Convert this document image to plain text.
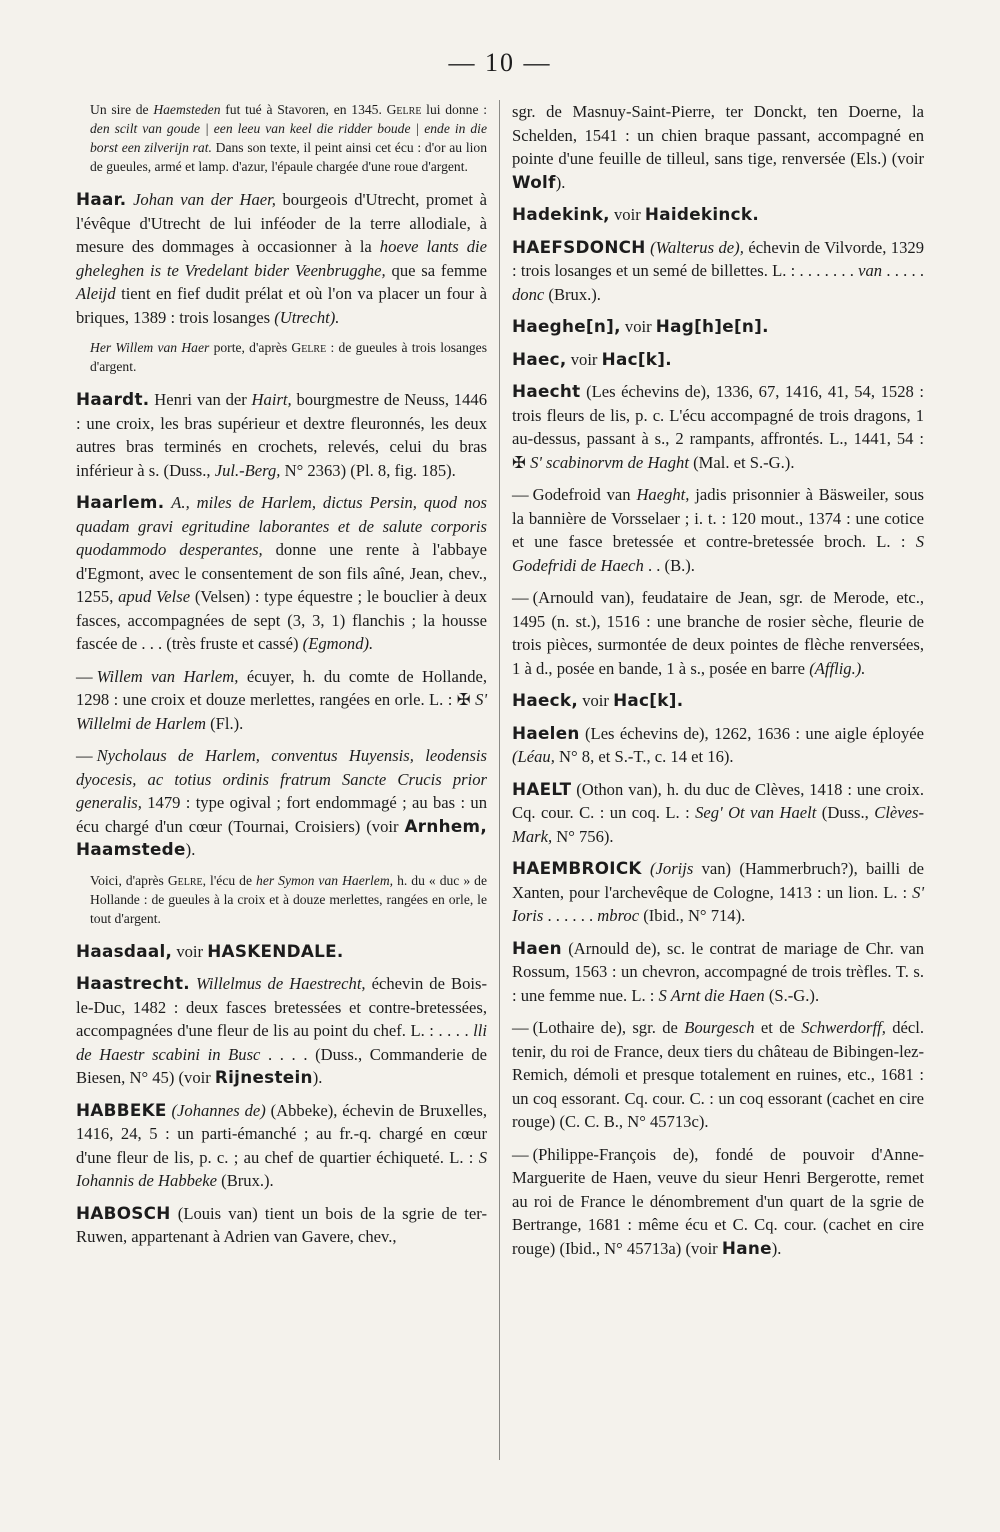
— 10 —

Un sire de Haemsteden fut tué à Stavoren, en 1345. Gelre lui donne : den scilt van goude | een leeu van keel die ridder boude | ende in die borst een zilverijn rat. Dans son texte, il peint ainsi cet écu : d'or au lion de gueules, armé et lamp. d'azur, l'épaule chargée d'une roue d'argent.

Haar. Johan van der Haer, bourgeois d'Utrecht, promet à l'évêque d'Utrecht de lui inféoder de la terre allodiale, à mesure des dommages à occasionner à la hoeve lants die gheleghen is te Vredelant bider Veenbrugghe, que sa femme Aleijd tient en fief dudit prélat et où l'on va placer un four à briques, 1389 : trois losanges (Utrecht).

Her Willem van Haer porte, d'après Gelre : de gueules à trois losanges d'argent.

Haardt. Henri van der Hairt, bourgmestre de Neuss, 1446 : une croix, les bras supérieur et dextre fleuronnés, les deux autres bras terminés en crochets, relevés, celui du bras inférieur à s. (Duss., Jul.-Berg, N° 2363) (Pl. 8, fig. 185).

Haarlem. A., miles de Harlem, dictus Persin, quod nos quadam gravi egritudine laborantes et de salute corporis quodammodo desperantes, donne une rente à l'abbaye d'Egmont, avec le consentement de son fils aîné, Jean, chev., 1255, apud Velse (Velsen) : type équestre ; le bouclier à deux fasces, accompagnées de sept (3, 3, 1) flanchis ; la housse fascée de . . . (très fruste et cassé) (Egmond).

— Willem van Harlem, écuyer, h. du comte de Hollande, 1298 : une croix et douze merlettes, rangées en orle. L. : ✠ S' Willelmi de Harlem (Fl.).

— Nycholaus de Harlem, conventus Huyensis, leodensis dyocesis, ac totius ordinis fratrum Sancte Crucis prior generalis, 1479 : type ogival ; fort endommagé ; au bas : un écu chargé d'un cœur (Tournai, Croisiers) (voir Arnhem, Haamstede).

Voici, d'après Gelre, l'écu de her Symon van Haerlem, h. du « duc » de Hollande : de gueules à la croix et à douze merlettes, rangées en orle, le tout d'argent.

Haasdaal, voir HASKENDALE.

Haastrecht. Willelmus de Haestrecht, échevin de Bois-le-Duc, 1482 : deux fasces bretessées et contre-bretessées, accompagnées d'une fleur de lis au point du chef. L. : . . . . lli de Haestr scabini in Busc . . . . (Duss., Commanderie de Biesen, N° 45) (voir Rijnestein).

HABBEKE (Johannes de) (Abbeke), échevin de Bruxelles, 1416, 24, 5 : un parti-émanché ; au fr.-q. chargé en cœur d'une fleur de lis, p. c. ; au chef de quartier échiqueté. L. : S Iohannis de Habbeke (Brux.).

HABOSCH (Louis van) tient un bois de la sgrie de ter-Ruwen, appartenant à Adrien van Gavere, chev.,

sgr. de Masnuy-Saint-Pierre, ter Donckt, ten Doerne, la Schelden, 1541 : un chien braque passant, accompagné en pointe d'une feuille de tilleul, sans tige, renversée (Els.) (voir Wolf).

Hadekink, voir Haidekinck.

HAEFSDONCH (Walterus de), échevin de Vilvorde, 1329 : trois losanges et un semé de billettes. L. : . . . . . . . van . . . . . donc (Brux.).

Haeghe[n], voir Hag[h]e[n].

Haec, voir Hac[k].

Haecht (Les échevins de), 1336, 67, 1416, 41, 54, 1528 : trois fleurs de lis, p. c. L'écu accompagné de trois dragons, 1 au-dessus, passant à s., 2 rampants, affrontés. L., 1441, 54 : ✠ S' scabinorvm de Haght (Mal. et S.-G.).

— Godefroid van Haeght, jadis prisonnier à Bäsweiler, sous la bannière de Vorsselaer ; i. t. : 120 mout., 1374 : une cotice et une fasce bretessée et contre-bretessée broch. L. : S Godefridi de Haech . . (B.).

— (Arnould van), feudataire de Jean, sgr. de Merode, etc., 1495 (n. st.), 1516 : une branche de rosier sèche, fleurie de trois pièces, surmontée de deux pointes de flèche renversées, 1 à d., posée en bande, 1 à s., posée en barre (Afflig.).

Haeck, voir Hac[k].

Haelen (Les échevins de), 1262, 1636 : une aigle éployée (Léau, N° 8, et S.-T., c. 14 et 16).

HAELT (Othon van), h. du duc de Clèves, 1418 : une croix. Cq. cour. C. : un coq. L. : Seg' Ot van Haelt (Duss., Clèves-Mark, N° 756).

HAEMBROICK (Jorijs van) (Hammerbruch?), bailli de Xanten, pour l'archevêque de Cologne, 1413 : un lion. L. : S' Ioris . . . . . . mbroc (Ibid., N° 714).

Haen (Arnould de), sc. le contrat de mariage de Chr. van Rossum, 1563 : un chevron, accompagné de trois trèfles. T. s. : une femme nue. L. : S Arnt die Haen (S.-G.).

— (Lothaire de), sgr. de Bourgesch et de Schwerdorff, décl. tenir, du roi de France, deux tiers du château de Bibingen-lez-Remich, démoli et presque totalement en ruines, etc., 1681 : un coq essorant. Cq. cour. C. : un coq essorant (cachet en cire rouge) (C. C. B., N° 45713c).

— (Philippe-François de), fondé de pouvoir d'Anne-Marguerite de Haen, veuve du sieur Henri Bergerotte, remet au roi de France le dénombrement d'un quart de la sgrie de Bertrange, 1681 : même écu et C. Cq. cour. (cachet en cire rouge) (Ibid., N° 45713a) (voir Hane).
